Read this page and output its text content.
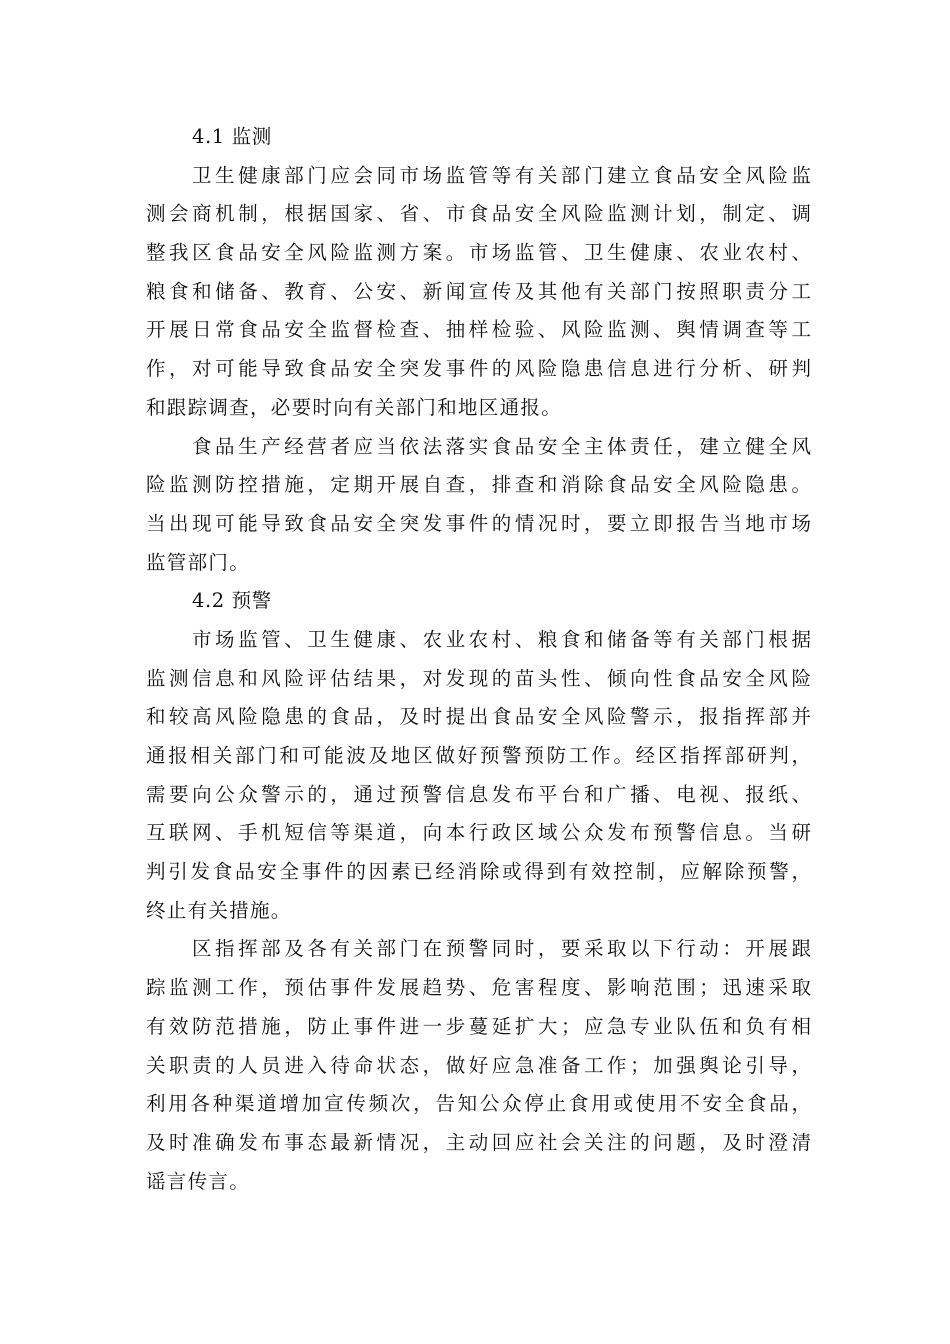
4.1 监测
卫生健康部门应会同市场监管等有关部门建立食品安全风险监
测会商机制，根据国家、省、市食品安全风险监测计划，制定、调
整我区食品安全风险监测方案。市场监管、卫生健康、农业农村、
粮食和储备、教育、公安、新闻宣传及其他有关部门按照职责分工
开展日常食品安全监督检查、抽样检验、风险监测、舆情调查等工
作，对可能导致食品安全突发事件的风险隐患信息进行分析、研判
和跟踪调查，必要时向有关部门和地区通报。
食品生产经营者应当依法落实食品安全主体责任，建立健全风
险监测防控措施，定期开展自查，排查和消除食品安全风险隐患。
当出现可能导致食品安全突发事件的情况时，要立即报告当地市场
监管部门。
4.2 预警
市场监管、卫生健康、农业农村、粮食和储备等有关部门根据
监测信息和风险评估结果，对发现的苗头性、倾向性食品安全风险
和较高风险隐患的食品，及时提出食品安全风险警示，报指挥部并
通报相关部门和可能波及地区做好预警预防工作。经区指挥部研判，
需要向公众警示的，通过预警信息发布平台和广播、电视、报纸、
互联网、手机短信等渠道，向本行政区域公众发布预警信息。当研
判引发食品安全事件的因素已经消除或得到有效控制，应解除预警，
终止有关措施。
区指挥部及各有关部门在预警同时，要采取以下行动：开展跟
踪监测工作，预估事件发展趋势、危害程度、影响范围；迅速采取
有效防范措施，防止事件进一步蔓延扩大；应急专业队伍和负有相
关职责的人员进入待命状态，做好应急准备工作；加强舆论引导，
利用各种渠道增加宣传频次，告知公众停止食用或使用不安全食品，
及时准确发布事态最新情况，主动回应社会关注的问题，及时澄清
谣言传言。
